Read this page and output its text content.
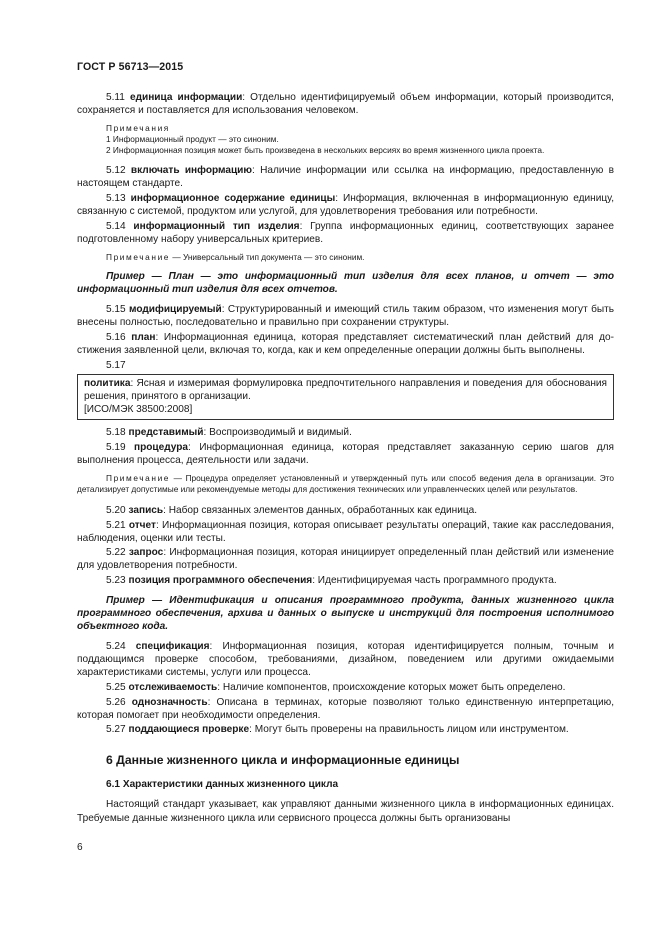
ГОСТ Р 56713—2015

5.11 единица информации: Отдельно идентифицируемый объем информации, который производится, сохраняется и поставляется для использования человеком.

Примечания

1 Информационный продукт — это синоним.

2 Информационная позиция может быть произведена в нескольких версиях во время жизненного цикла проекта.

5.12 включать информацию: Наличие информации или ссылка на информацию, предоставленную в настоящем стандарте.

5.13 информационное содержание единицы: Информация, включенная в информационную единицу, связанную с системой, продуктом или услугой, для удовлетворения требования или потребности.

5.14 информационный тип изделия: Группа информационных единиц, соответствующих заранее подготовленному набору универсальных критериев.

Примечание — Универсальный тип документа — это синоним.

Пример — План — это информационный тип изделия для всех планов, и отчет — это информационный тип изделия для всех отчетов.

5.15 модифицируемый: Структурированный и имеющий стиль таким образом, что изменения могут быть внесены полностью, последовательно и правильно при сохранении структуры.

5.16 план: Информационная единица, которая представляет систематический план действий для достижения заявленной цели, включая то, когда, как и кем определенные операции должны быть выполнены.

5.17

политика: Ясная и измеримая формулировка предпочтительного направления и поведения для обоснования решения, принятого в организации.

[ИСО/МЭК 38500:2008]

5.18 представимый: Воспроизводимый и видимый.

5.19 процедура: Информационная единица, которая представляет заказанную серию шагов для выполнения процесса, деятельности или задачи.

Примечание — Процедура определяет установленный и утвержденный путь или способ ведения дела в организации. Это детализирует допустимые или рекомендуемые методы для достижения технических или управленческих целей или результатов.

5.20 запись: Набор связанных элементов данных, обработанных как единица.

5.21 отчет: Информационная позиция, которая описывает результаты операций, такие как расследования, наблюдения, оценки или тесты.

5.22 запрос: Информационная позиция, которая инициирует определенный план действий или изменение для удовлетворения потребности.

5.23 позиция программного обеспечения: Идентифицируемая часть программного продукта.

Пример — Идентификация и описания программного продукта, данных жизненного цикла программного обеспечения, архива и данных о выпуске и инструкций для построения исполнимого объектного кода.

5.24 спецификация: Информационная позиция, которая идентифицируется полным, точным и поддающимся проверке способом, требованиями, дизайном, поведением или другими ожидаемыми характеристиками системы, услуги или процесса.

5.25 отслеживаемость: Наличие компонентов, происхождение которых может быть определено.

5.26 однозначность: Описана в терминах, которые позволяют только единственную интерпретацию, которая помогает при необходимости определения.

5.27 поддающиеся проверке: Могут быть проверены на правильность лицом или инструментом.

6 Данные жизненного цикла и информационные единицы

6.1 Характеристики данных жизненного цикла

Настоящий стандарт указывает, как управляют данными жизненного цикла в информационных единицах. Требуемые данные жизненного цикла или сервисного процесса должны быть организованы

6
